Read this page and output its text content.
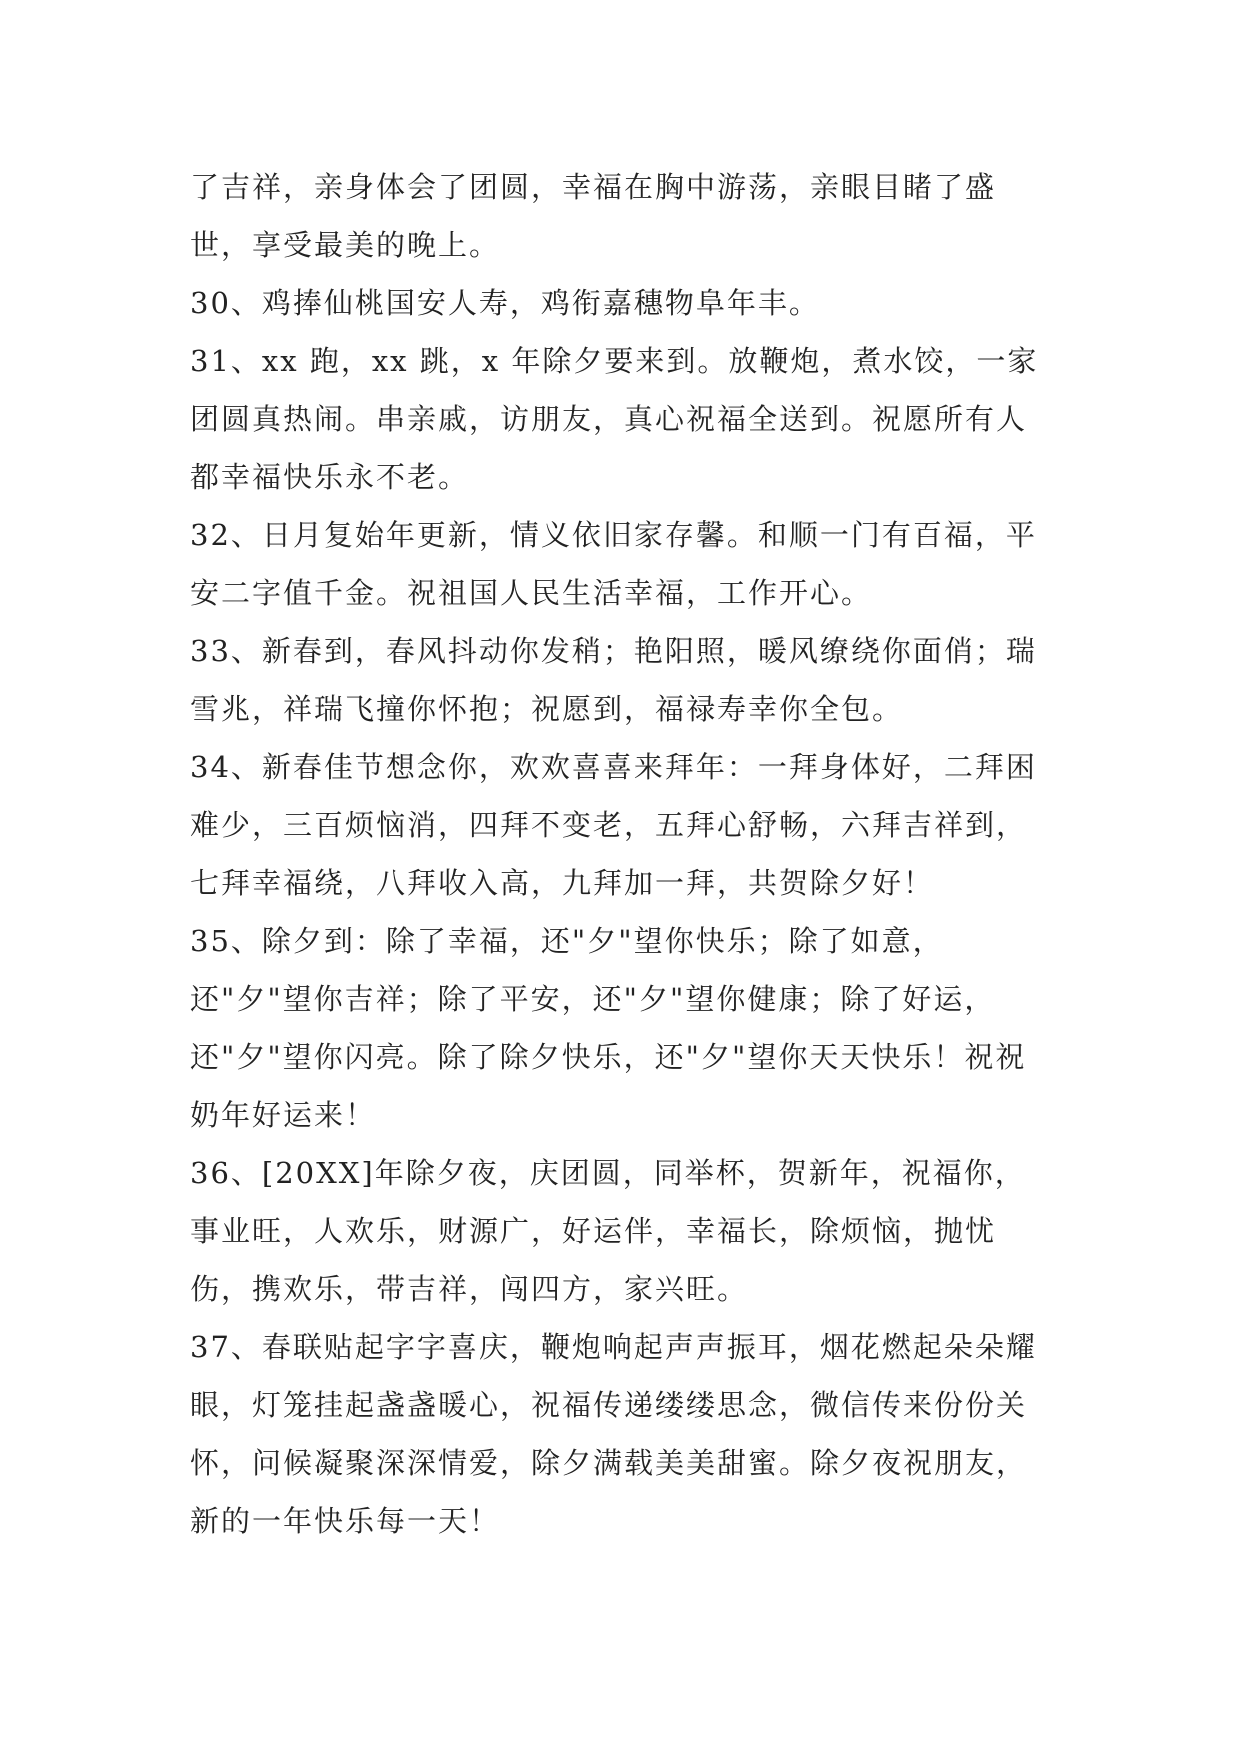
了吉祥，亲身体会了团圆，幸福在胸中游荡，亲眼目睹了盛世，享受最美的晚上。

30、鸡捧仙桃国安人寿，鸡衔嘉穗物阜年丰。

31、xx 跑，xx 跳，x 年除夕要来到。放鞭炮，煮水饺，一家团圆真热闹。串亲戚，访朋友，真心祝福全送到。祝愿所有人都幸福快乐永不老。

32、日月复始年更新，情义依旧家存馨。和顺一门有百福，平安二字值千金。祝祖国人民生活幸福，工作开心。

33、新春到，春风抖动你发稍；艳阳照，暖风缭绕你面俏；瑞雪兆，祥瑞飞撞你怀抱；祝愿到，福禄寿幸你全包。

34、新春佳节想念你，欢欢喜喜来拜年：一拜身体好，二拜困难少，三百烦恼消，四拜不变老，五拜心舒畅，六拜吉祥到，七拜幸福绕，八拜收入高，九拜加一拜，共贺除夕好！

35、除夕到：除了幸福，还"夕"望你快乐；除了如意，还"夕"望你吉祥；除了平安，还"夕"望你健康；除了好运，还"夕"望你闪亮。除了除夕快乐，还"夕"望你天天快乐！祝祝奶年好运来！

36、[20XX]年除夕夜，庆团圆，同举杯，贺新年，祝福你，事业旺，人欢乐，财源广，好运伴，幸福长，除烦恼，抛忧伤，携欢乐，带吉祥，闯四方，家兴旺。

37、春联贴起字字喜庆，鞭炮响起声声振耳，烟花燃起朵朵耀眼，灯笼挂起盏盏暖心，祝福传递缕缕思念，微信传来份份关怀，问候凝聚深深情爱，除夕满载美美甜蜜。除夕夜祝朋友，新的一年快乐每一天！
